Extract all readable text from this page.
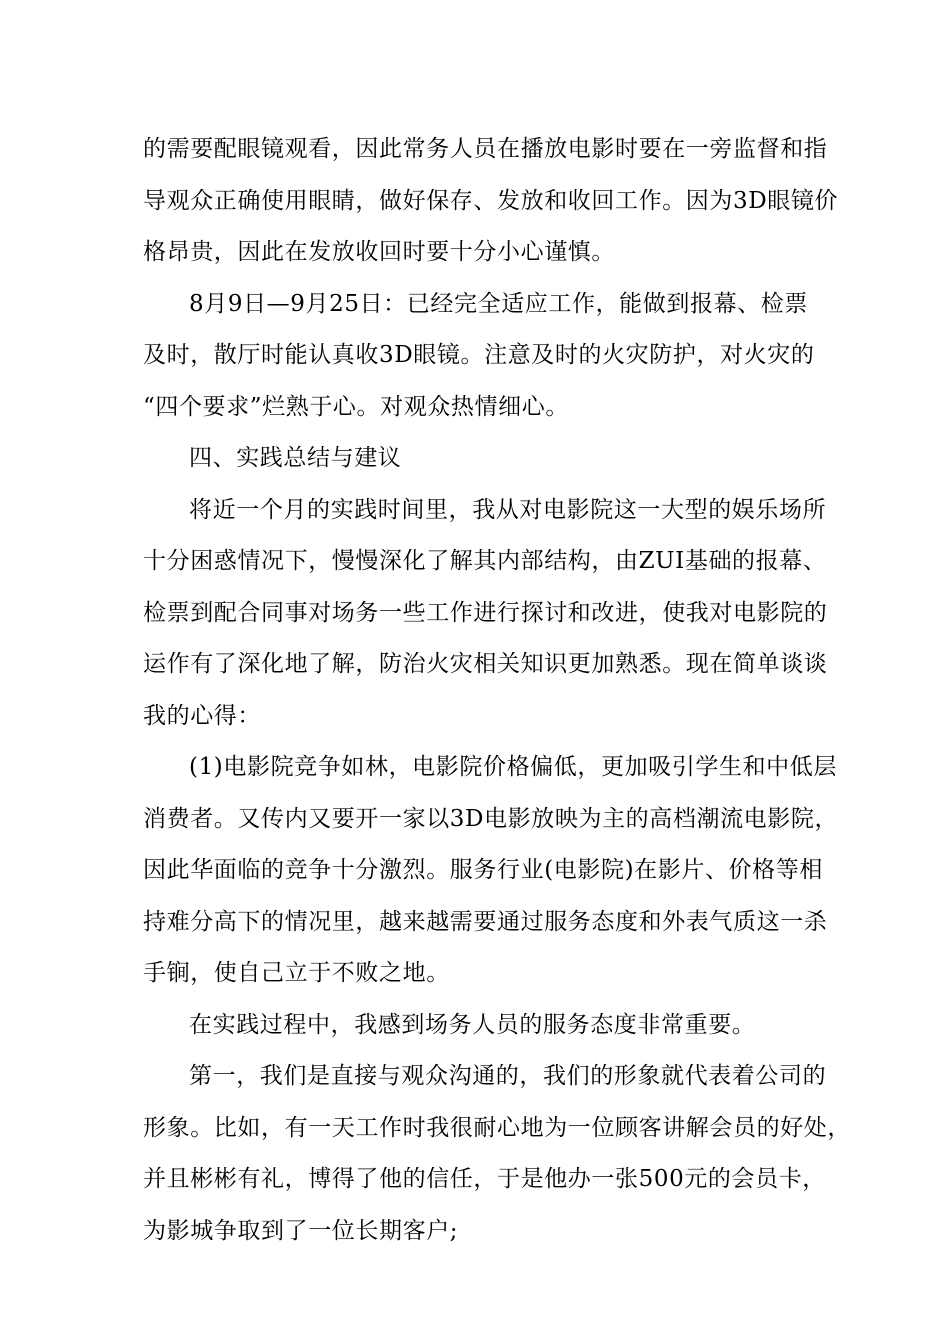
的需要配眼镜观看，因此常务人员在播放电影时要在一旁监督和指
导观众正确使用眼睛，做好保存、发放和收回工作。因为3D眼镜价
格昂贵，因此在发放收回时要十分小心谨慎。
8月9日—9月25日：已经完全适应工作，能做到报幕、检票
及时，散厅时能认真收3D眼镜。注意及时的火灾防护，对火灾的
“四个要求”烂熟于心。对观众热情细心。
四、实践总结与建议
将近一个月的实践时间里，我从对电影院这一大型的娱乐场所
十分困惑情况下，慢慢深化了解其内部结构，由ZUI基础的报幕、
检票到配合同事对场务一些工作进行探讨和改进，使我对电影院的
运作有了深化地了解，防治火灾相关知识更加熟悉。现在简单谈谈
我的心得：
(1)电影院竞争如林，电影院价格偏低，更加吸引学生和中低层
消费者。又传内又要开一家以3D电影放映为主的高档潮流电影院，
因此华面临的竞争十分激烈。服务行业(电影院)在影片、价格等相
持难分高下的情况里，越来越需要通过服务态度和外表气质这一杀
手锏，使自己立于不败之地。
在实践过程中，我感到场务人员的服务态度非常重要。
第一，我们是直接与观众沟通的，我们的形象就代表着公司的
形象。比如，有一天工作时我很耐心地为一位顾客讲解会员的好处，
并且彬彬有礼，博得了他的信任，于是他办一张500元的会员卡，
为影城争取到了一位长期客户;
